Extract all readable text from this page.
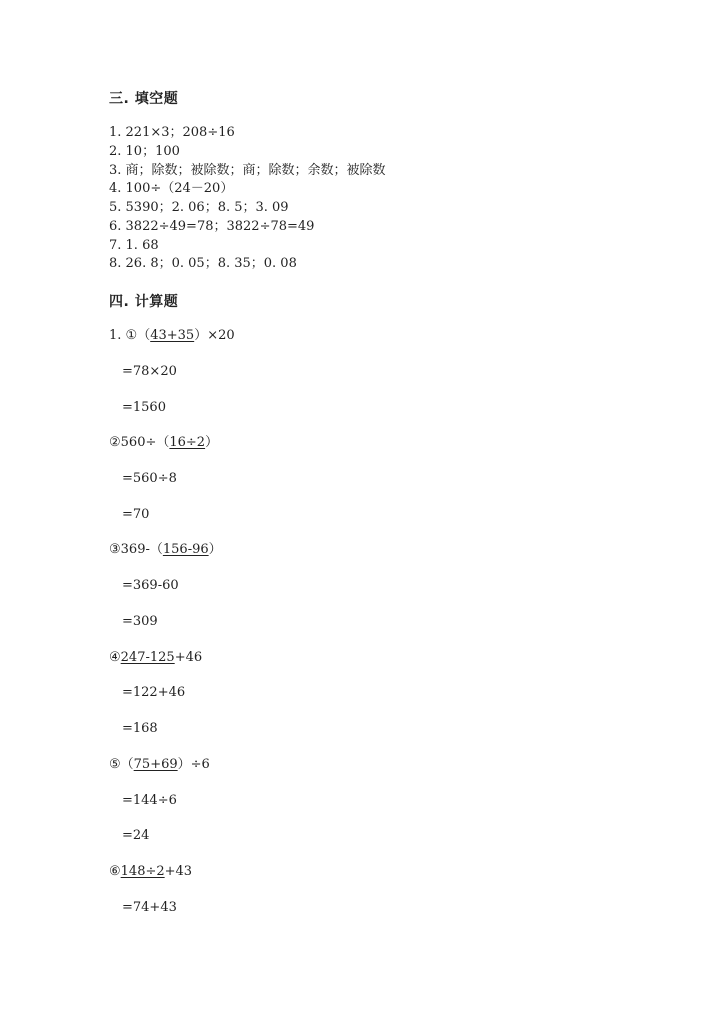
三. 填空题
1. 221×3；208÷16
2. 10；100
3. 商；除数；被除数；商；除数；余数；被除数
4. 100÷（24－20）
5. 5390；2. 06；8. 5；3. 09
6. 3822÷49=78；3822÷78=49
7. 1. 68
8. 26. 8；0. 05；8. 35；0. 08
四. 计算题
1. ①（43+35）×20
=78×20
=1560
②560÷（16÷2）
=560÷8
=70
③369-（156-96）
=369-60
=309
④247-125+46
=122+46
=168
⑤（75+69）÷6
=144÷6
=24
⑥148÷2+43
=74+43
